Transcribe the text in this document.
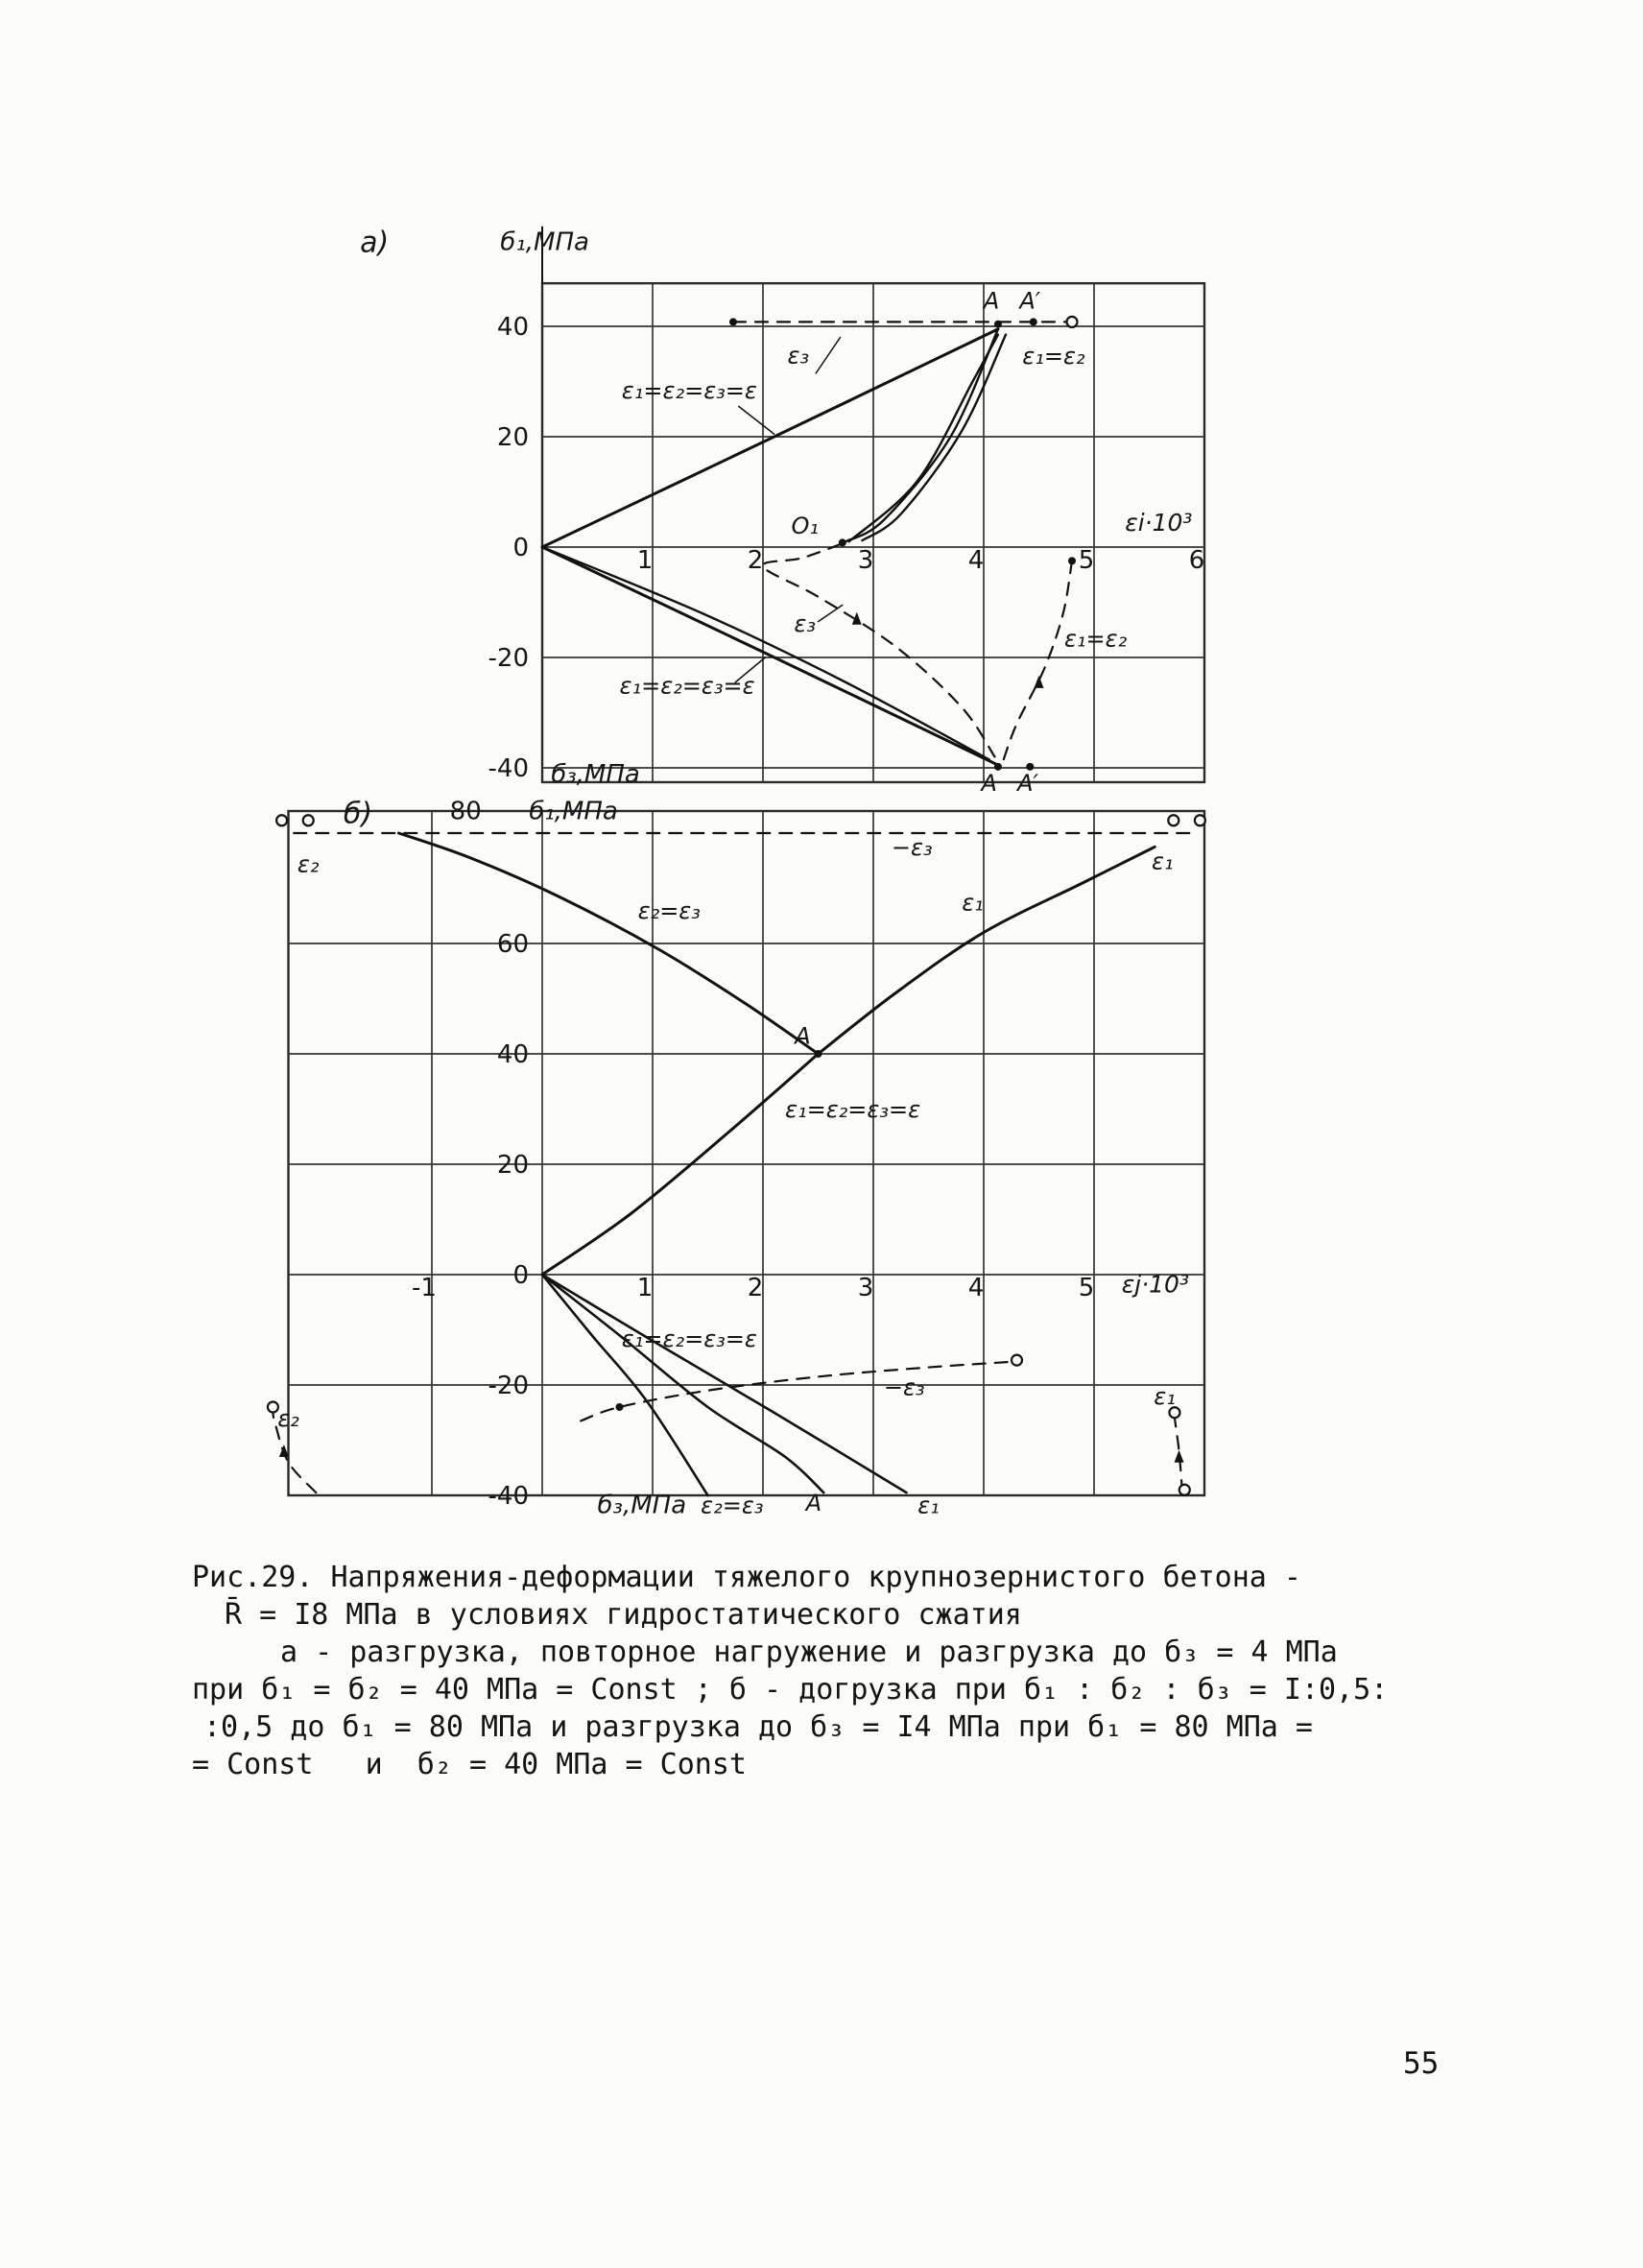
1	2	3	4	5	6
40
20
0
-20
-40
а)	б₁,МПа
А А′
ε₃	ε₁=ε₂
ε₁=ε₂=ε₃=ε
О₁	εi·10³
ε₃
ε₁=ε₂
ε₁=ε₂=ε₃=ε
А А′
б₃,МПа
-1	1	2	3	4	5
60
40
20
0
-20
-40
б)	80 б₁,МПа
ε₂
ε₂=ε₃
−ε₃
ε₁
ε₁
А
ε₁=ε₂=ε₃=ε
ε₁=ε₂=ε₃=ε
εj·10³
−ε₃
ε₂
ε₁
б₃,МПа ε₂=ε₃ А	ε₁
Рис.29. Напряжения-деформации тяжелого крупнозернистого бетона -
R̄ = I8 МПа в условиях гидростатического сжатия
а - разгрузка, повторное нагружение и разгрузка до б₃ = 4 МПа
при б₁ = б₂ = 40 МПа = Const ; б - догрузка при б₁ : б₂ : б₃ = I:0,5:
:0,5 до б₁ = 80 МПа и разгрузка до б₃ = I4 МПа при б₁ = 80 МПа =
= Const   и  б₂ = 40 МПа = Const
55
